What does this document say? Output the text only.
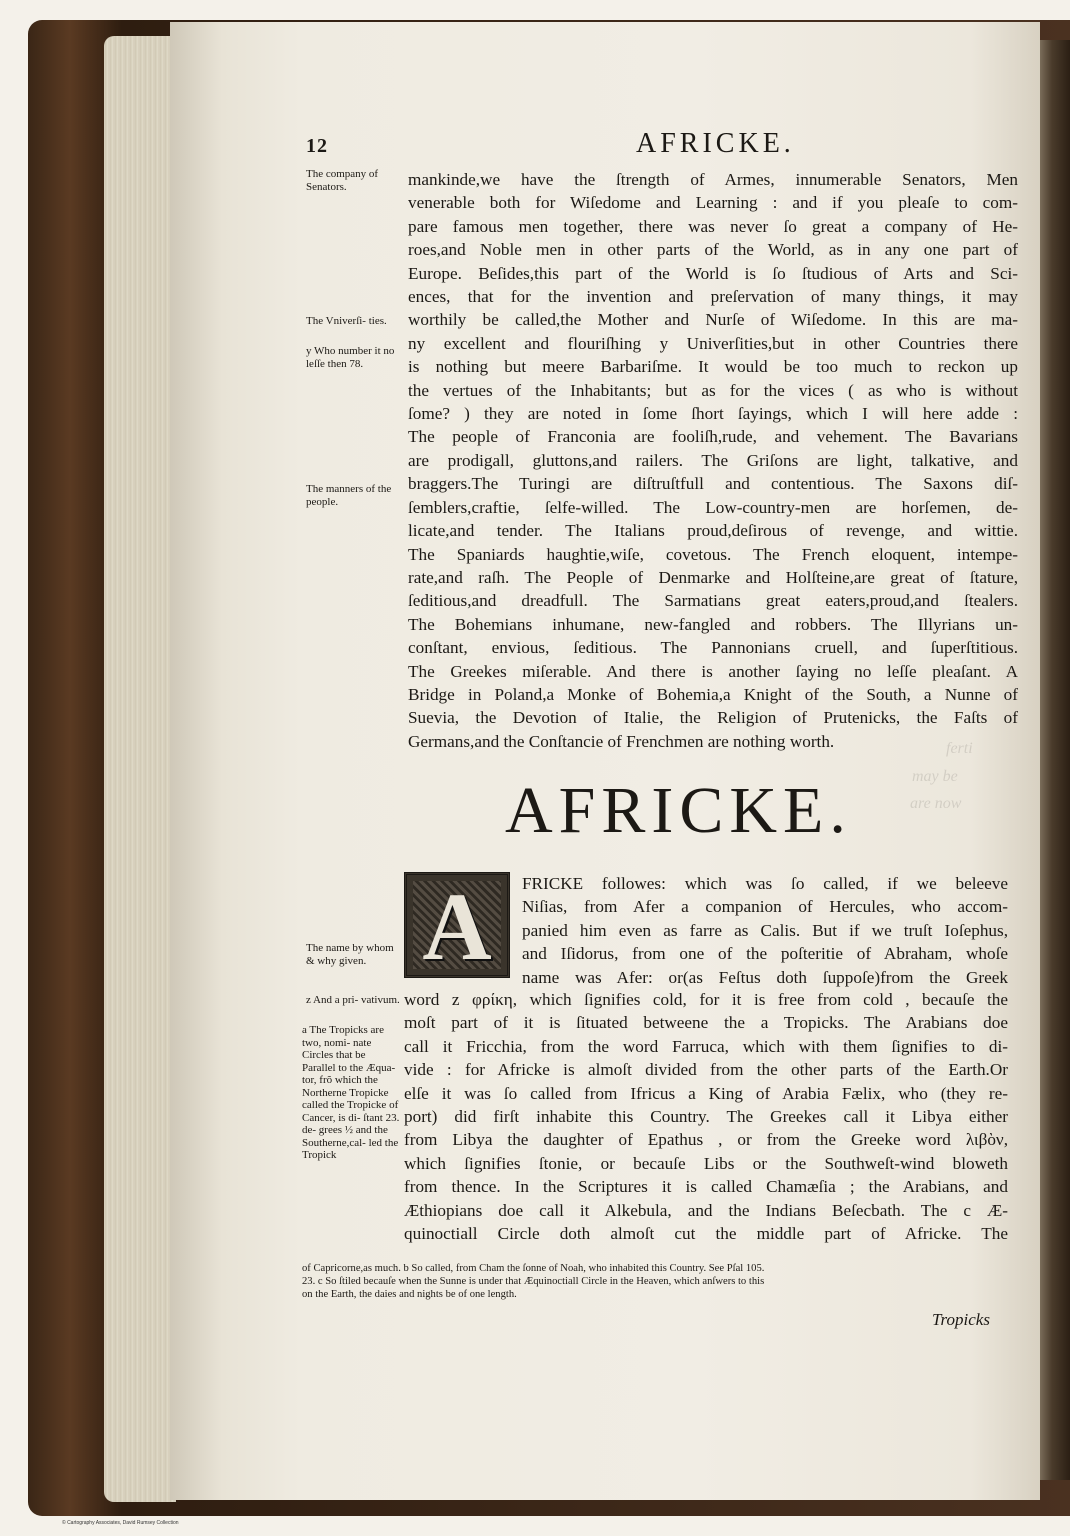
ferti
may be
are now
12	AFRICKE.
The company of Senators.
The Vniverſi- ties.
y Who number it no leſſe then 78.
The manners of the people.
mankinde,we have the ſtrength of Armes, innumerable Senators, Men
venerable both for Wiſedome and Learning : and if you pleaſe to com-
pare famous men together, there was never ſo great a company of He-
roes,and Noble men in other parts of the World, as in any one part of
Europe. Beſides,this part of the World is ſo ſtudious of Arts and Sci-
ences, that for the invention and preſervation of many things, it may
worthily be called,the Mother and Nurſe of Wiſedome. In this are ma-
ny excellent and flouriſhing y Univerſities,but in other Countries there
is nothing but meere Barbariſme. It would be too much to reckon up
the vertues of the Inhabitants; but as for the vices ( as who is without
ſome? ) they are noted in ſome ſhort ſayings, which I will here adde :
The people of Franconia are fooliſh,rude, and vehement. The Bavarians
are prodigall, gluttons,and railers. The Griſons are light, talkative, and
braggers.The Turingi are diſtruſtfull and contentious. The Saxons diſ-
ſemblers,craftie, ſelfe-willed. The Low-country-men are horſemen, de-
licate,and tender. The Italians proud,deſirous of revenge, and wittie.
The Spaniards haughtie,wiſe, covetous. The French eloquent, intempe-
rate,and raſh. The People of Denmarke and Holſteine,are great of ſtature,
ſeditious,and dreadfull. The Sarmatians great eaters,proud,and ſtealers.
The Bohemians inhumane, new-fangled and robbers. The Illyrians un-
conſtant, envious, ſeditious. The Pannonians cruell, and ſuperſtitious.
The Greekes miſerable. And there is another ſaying no leſſe pleaſant. A
Bridge in Poland,a Monke of Bohemia,a Knight of the South, a Nunne of
Suevia, the Devotion of Italie, the Religion of Prutenicks, the Faſts of
Germans,and the Conſtancie of Frenchmen are nothing worth.
AFRICKE.
A	FRICKE followes: which was ſo called, if we beleeve
Niſias, from Afer a companion of Hercules, who accom-
panied him even as farre as Calis. But if we truſt Ioſephus,
and Iſidorus, from one of the poſteritie of Abraham, whoſe
name was Afer: or(as Feſtus doth ſuppoſe)from the Greek
The name by whom & why given.
z And a pri- vativum.
a The Tropicks are two, nomi- nate Circles that be Parallel to the Æqua- tor, frõ which the Northerne Tropicke called the Tropicke of Cancer, is di- ſtant 23. de- grees ½ and the Southerne,cal- led the Tropick
word z φρίκη, which ſignifies cold, for it is free from cold , becauſe the
moſt part of it is ſituated betweene the a Tropicks. The Arabians doe
call it Fricchia, from the word Farruca, which with them ſignifies to di-
vide : for Africke is almoſt divided from the other parts of the Earth.Or
elſe it was ſo called from Ifricus a King of Arabia Fælix, who (they re-
port) did firſt inhabite this Country. The Greekes call it Libya either
from Libya the daughter of Epathus , or from the Greeke word λιβὸν,
which ſignifies ſtonie, or becauſe Libs or the Southweſt-wind bloweth
from thence. In the Scriptures it is called Chamæſia ; the Arabians, and
Æthiopians doe call it Alkebula, and the Indians Beſecbath. The c Æ-
quinoctiall Circle doth almoſt cut the middle part of Africke. The
of Capricorne,as much. b So called, from Cham the ſonne of Noah, who inhabited this Country. See Pſal 105.
23. c So ſtiled becauſe when the Sunne is under that Æquinoctiall Circle in the Heaven, which anſwers to this
on the Earth, the daies and nights be of one length.
Tropicks
© Cartography Associates, David Rumsey Collection
